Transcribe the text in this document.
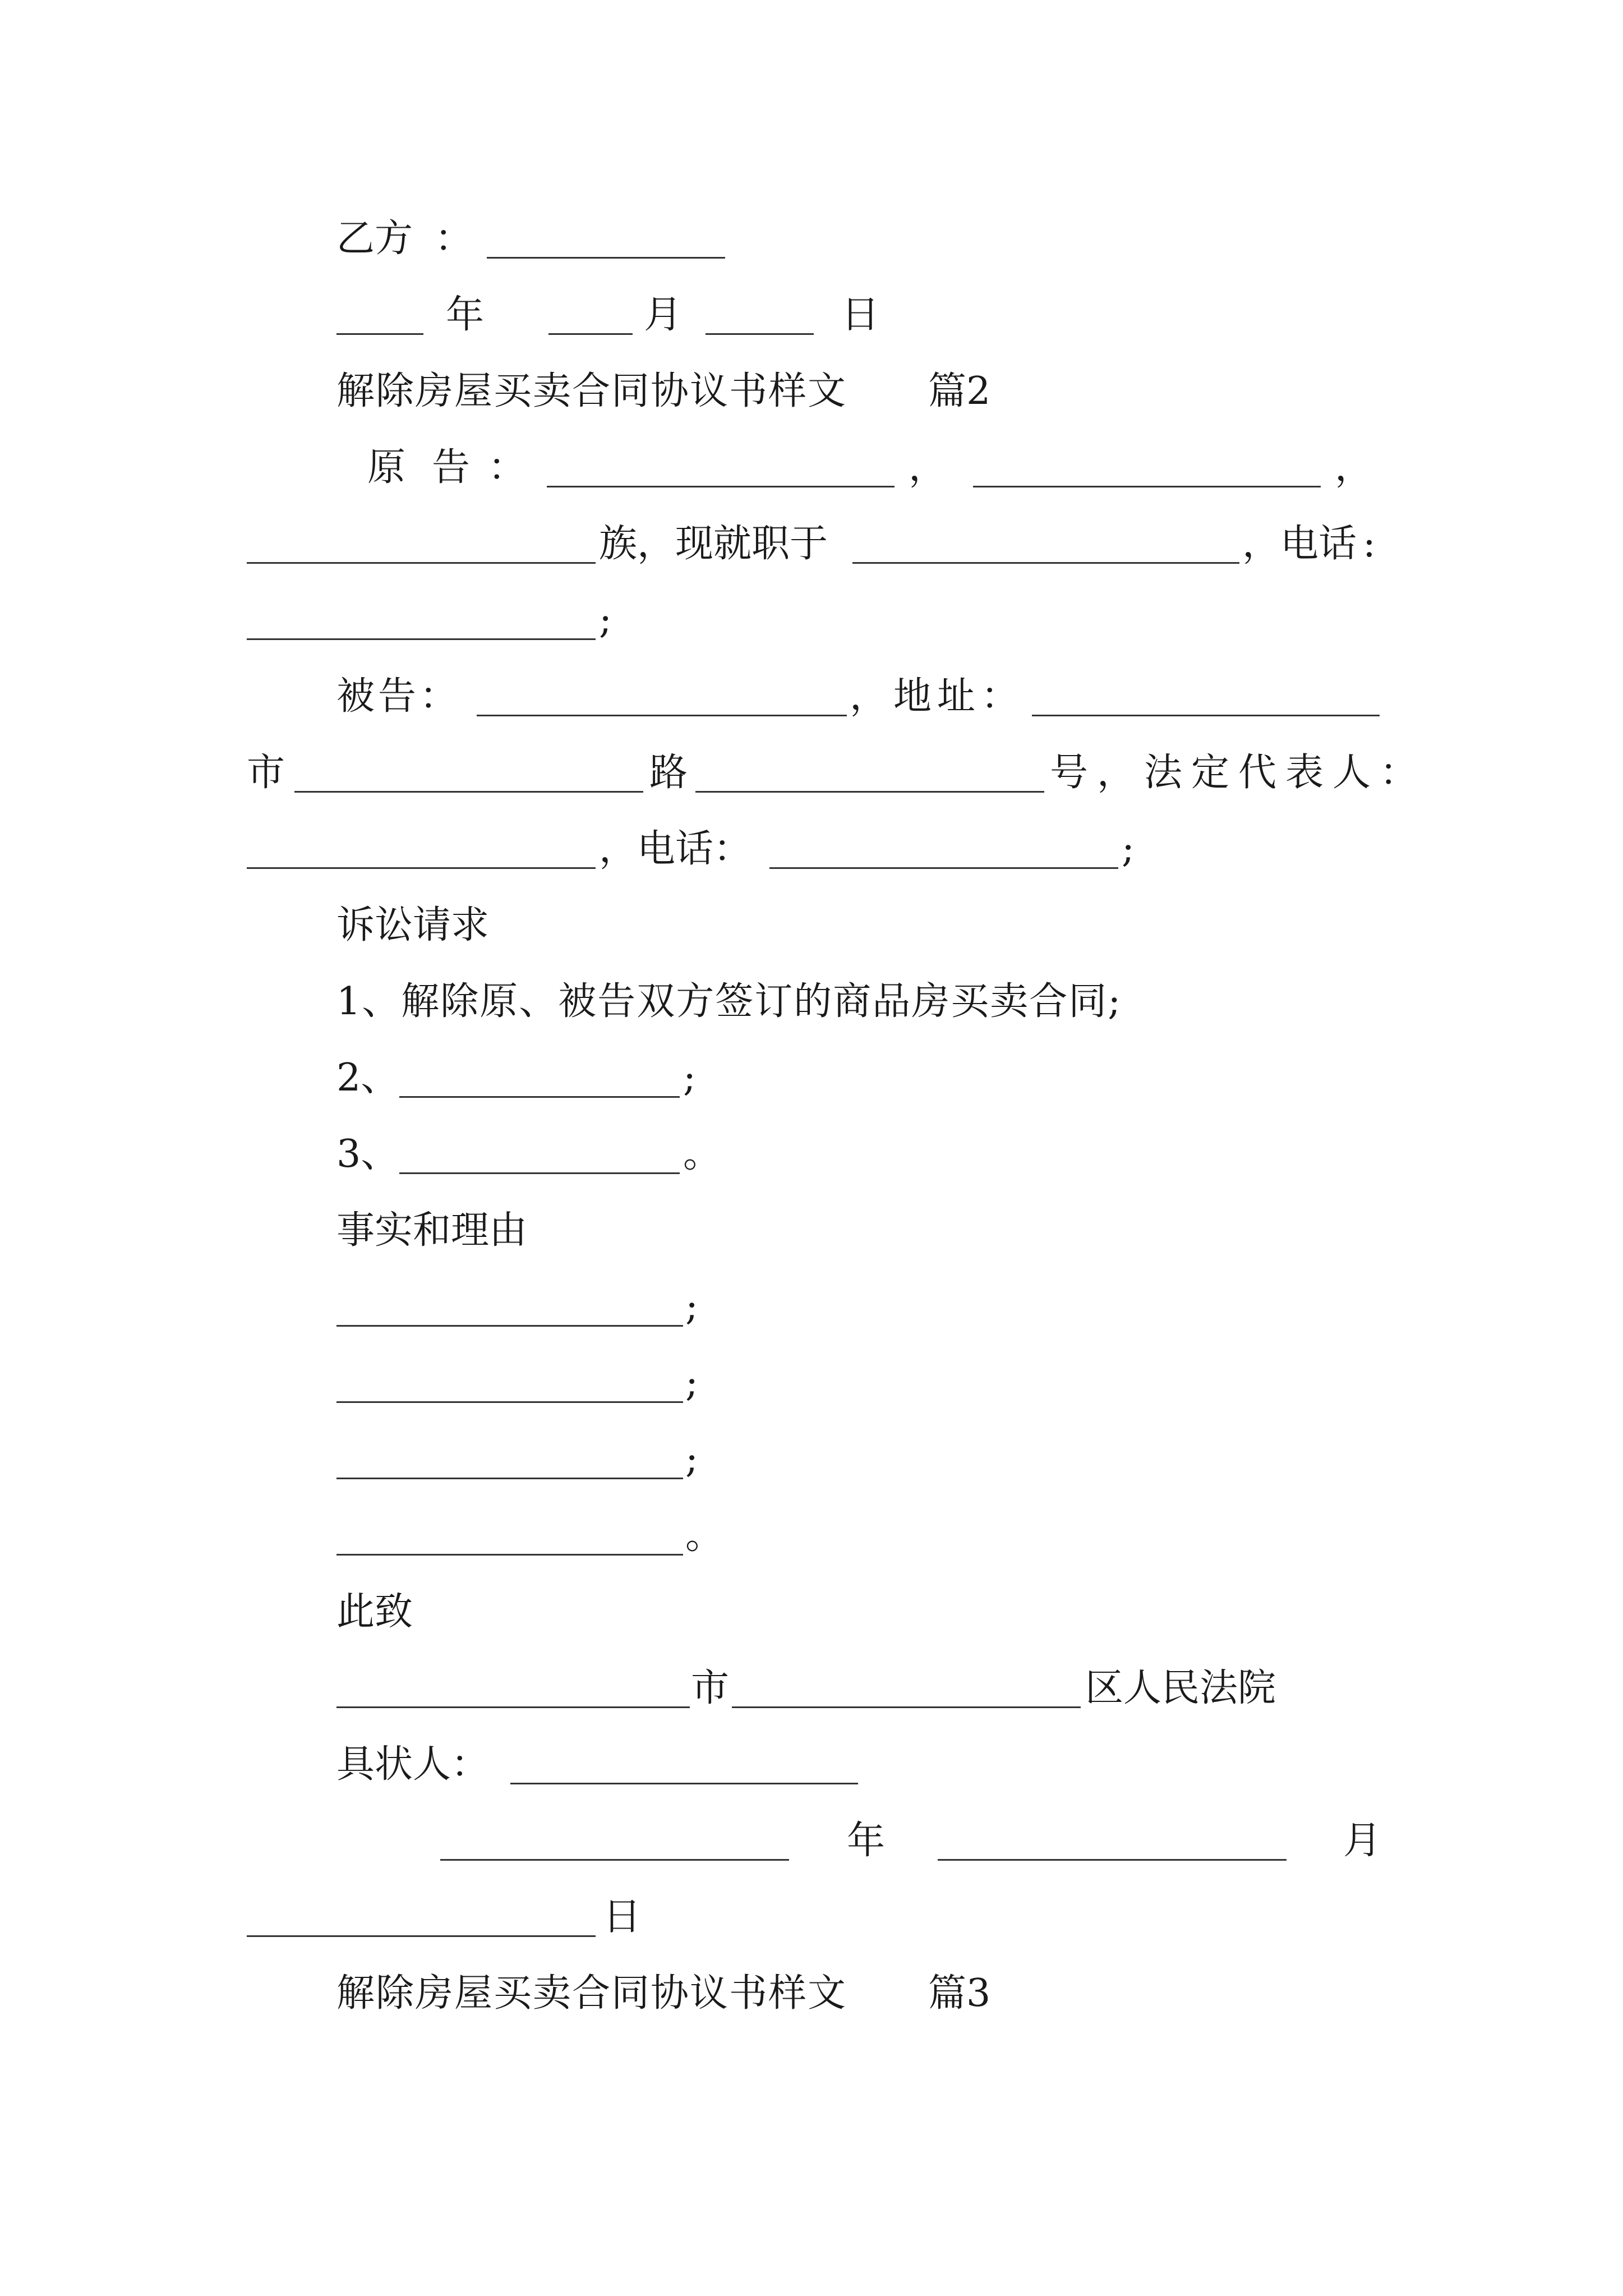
乙方 ：
年	月	日
解除房屋买卖合同协议书样文 篇2
原 告 ：	，	，
族，现就职于	，电话 :
;
被告：	，地址：
市	路	号，法定代表人：
，电话：	;
诉讼请求
1、解除原、被告双方签订的商品房买卖合同;
2、	;
3、	。
事实和理由
;
;
;
。
此致
市	区人民法院
具状人：
年	月
日
解除房屋买卖合同协议书样文 篇3
